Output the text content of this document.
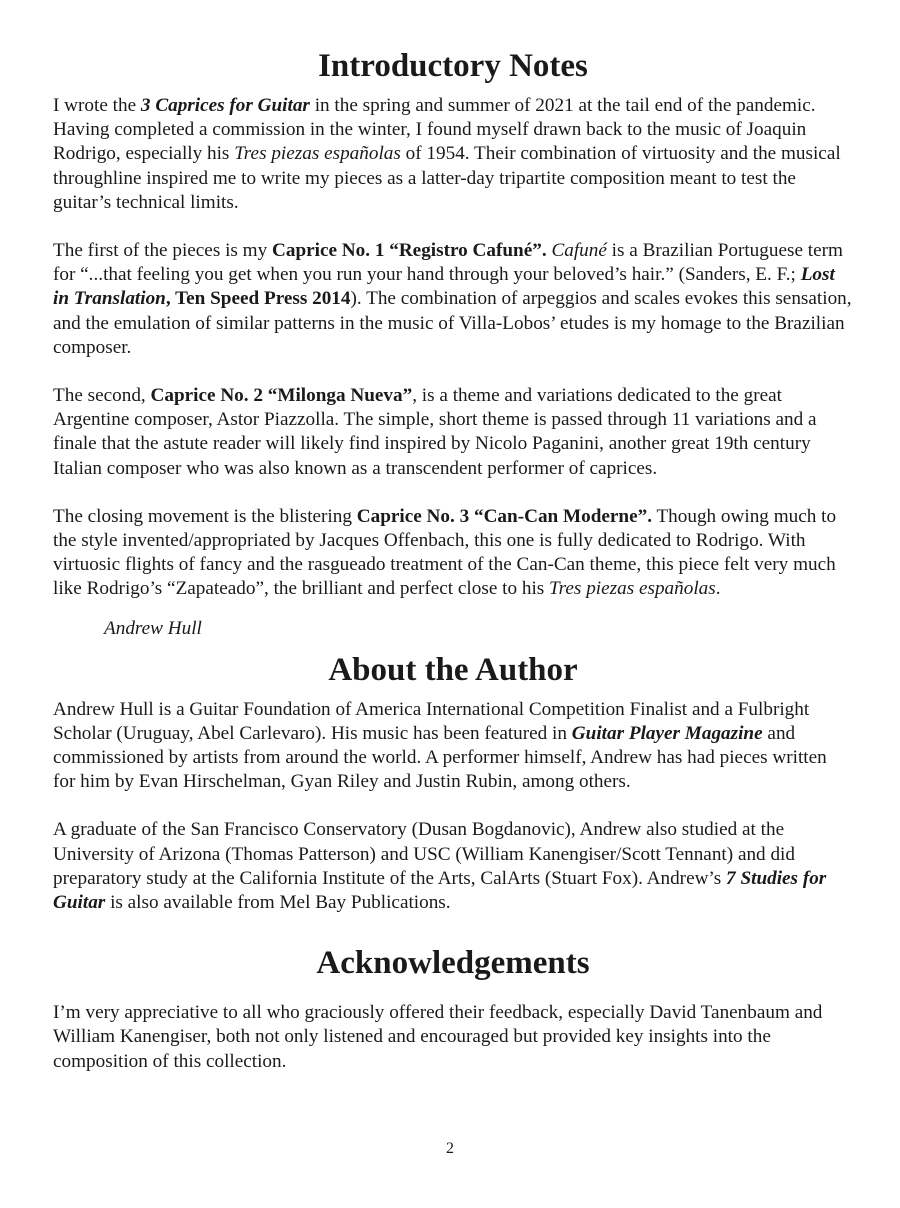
Introductory Notes

I wrote the 3 Caprices for Guitar in the spring and summer of 2021 at the tail end of the pandemic. Having completed a commission in the winter, I found myself drawn back to the music of Joaquin Rodrigo, especially his Tres piezas españolas of 1954. Their combination of virtuosity and the musical throughline inspired me to write my pieces as a latter-day tripartite composition meant to test the guitar’s technical limits.

The first of the pieces is my Caprice No. 1 “Registro Cafuné”. Cafuné is a Brazilian Portuguese term for “...that feeling you get when you run your hand through your beloved’s hair.” (Sanders, E. F.; Lost in Translation, Ten Speed Press 2014). The combination of arpeggios and scales evokes this sensation, and the emulation of similar patterns in the music of Villa-Lobos’ etudes is my homage to the Brazilian composer.

The second, Caprice No. 2 “Milonga Nueva”, is a theme and variations dedicated to the great Argentine composer, Astor Piazzolla. The simple, short theme is passed through 11 variations and a finale that the astute reader will likely find inspired by Nicolo Paganini, another great 19th century Italian composer who was also known as a transcendent performer of caprices.

The closing movement is the blistering Caprice No. 3 “Can-Can Moderne”. Though owing much to the style invented/appropriated by Jacques Offenbach, this one is fully dedicated to Rodrigo. With virtuosic flights of fancy and the rasgueado treatment of the Can-Can theme, this piece felt very much like Rodrigo’s “Zapateado”, the brilliant and perfect close to his Tres piezas españolas.

Andrew Hull

About the Author

Andrew Hull is a Guitar Foundation of America International Competition Finalist and a Fulbright Scholar (Uruguay, Abel Carlevaro). His music has been featured in Guitar Player Magazine and commissioned by artists from around the world. A performer himself, Andrew has had pieces written for him by Evan Hirschelman, Gyan Riley and Justin Rubin, among others.

A graduate of the San Francisco Conservatory (Dusan Bogdanovic), Andrew also studied at the University of Arizona (Thomas Patterson) and USC (William Kanengiser/Scott Tennant) and did preparatory study at the California Institute of the Arts, CalArts (Stuart Fox). Andrew’s 7 Studies for Guitar is also available from Mel Bay Publications.

Acknowledgements

I’m very appreciative to all who graciously offered their feedback, especially David Tanenbaum and William Kanengiser, both not only listened and encouraged but provided key insights into the composition of this collection.

2
